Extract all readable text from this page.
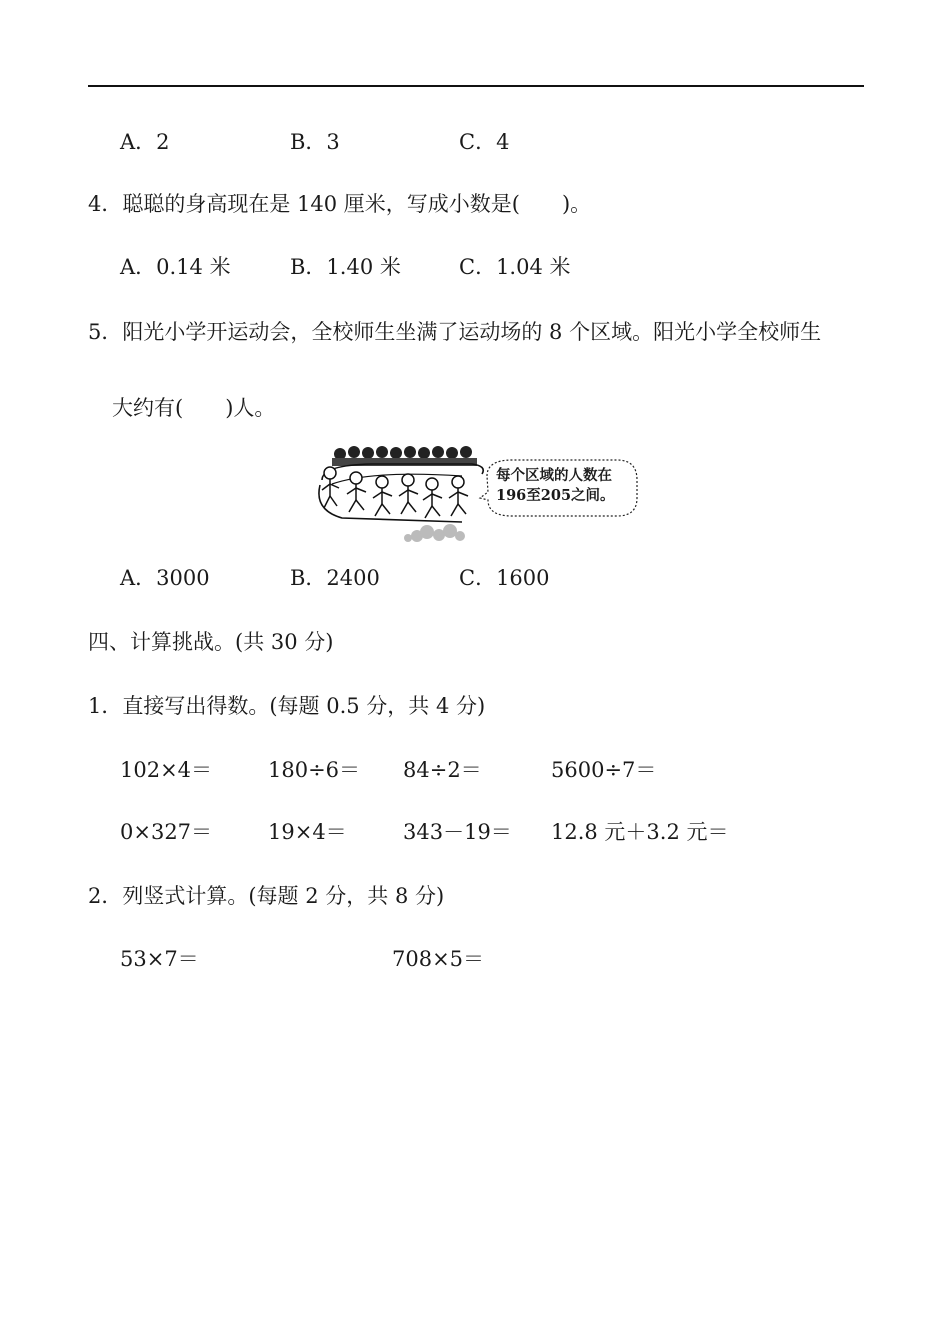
A．2	B．3	C．4
4．聪聪的身高现在是 140 厘米，写成小数是(　　)。
A．0.14 米	B．1.40 米	C．1.04 米
5．阳光小学开运动会，全校师生坐满了运动场的 8 个区域。阳光小学全校师生
大约有(　　)人。
每个区域的人数在
196至205之间。
A．3000	B．2400	C．1600
四、计算挑战。(共 30 分)
1．直接写出得数。(每题 0.5 分，共 4 分)
102×4＝	180÷6＝ 84÷2＝	5600÷7＝
0×327＝	19×4＝	343－19＝ 12.8 元＋3.2 元＝
2．列竖式计算。(每题 2 分，共 8 分)
53×7＝	708×5＝
